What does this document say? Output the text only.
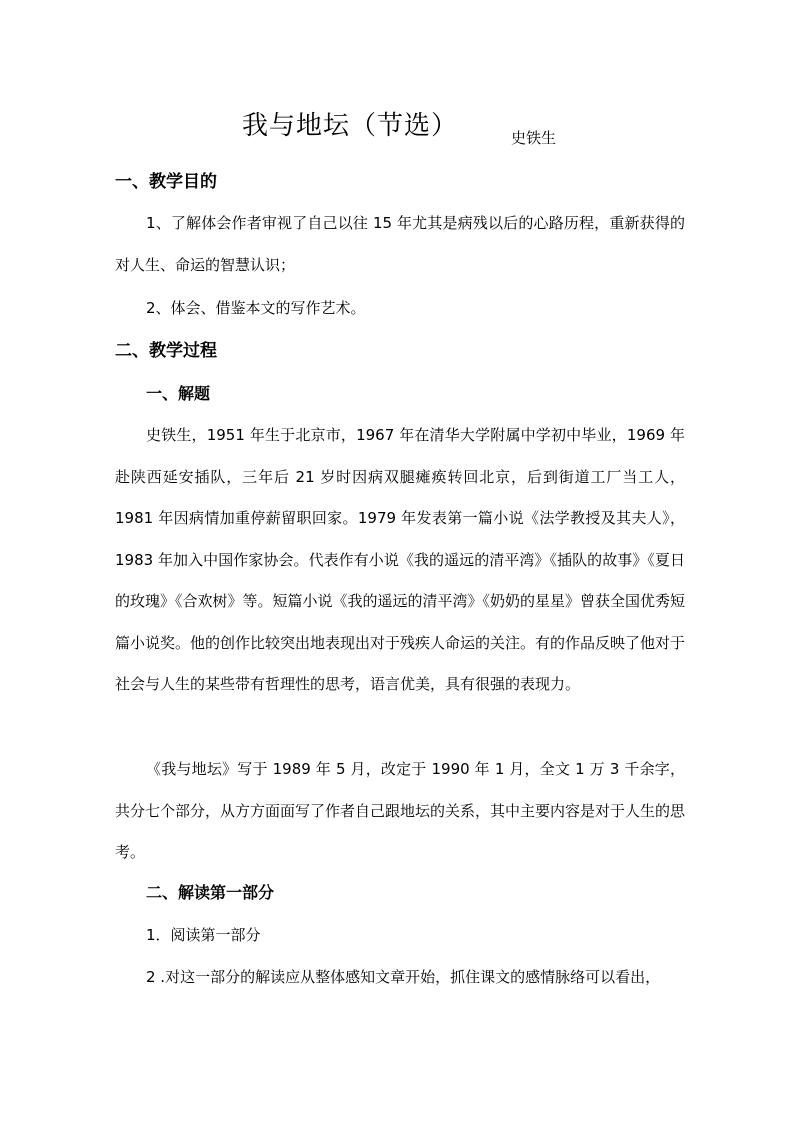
我与地坛（节选）	史铁生
一、教学目的
1、了解体会作者审视了自己以往 15 年尤其是病残以后的心路历程，重新获得的对人生、命运的智慧认识；
2、体会、借鉴本文的写作艺术。
二、教学过程
一、解题
史铁生，1951 年生于北京市，1967 年在清华大学附属中学初中毕业，1969 年赴陕西延安插队，三年后 21 岁时因病双腿瘫痪转回北京，后到街道工厂当工人，1981 年因病情加重停薪留职回家。1979 年发表第一篇小说《法学教授及其夫人》，1983 年加入中国作家协会。代表作有小说《我的遥远的清平湾》《插队的故事》《夏日的玫瑰》《合欢树》等。短篇小说《我的遥远的清平湾》《奶奶的星星》曾获全国优秀短篇小说奖。他的创作比较突出地表现出对于残疾人命运的关注。有的作品反映了他对于社会与人生的某些带有哲理性的思考，语言优美，具有很强的表现力。
《我与地坛》写于 1989 年 5 月，改定于 1990 年 1 月，全文 1 万 3 千余字，共分七个部分，从方方面面写了作者自己跟地坛的关系，其中主要内容是对于人生的思考。
二、解读第一部分
1．阅读第一部分
2 .对这一部分的解读应从整体感知文章开始，抓住课文的感情脉络可以看出，
